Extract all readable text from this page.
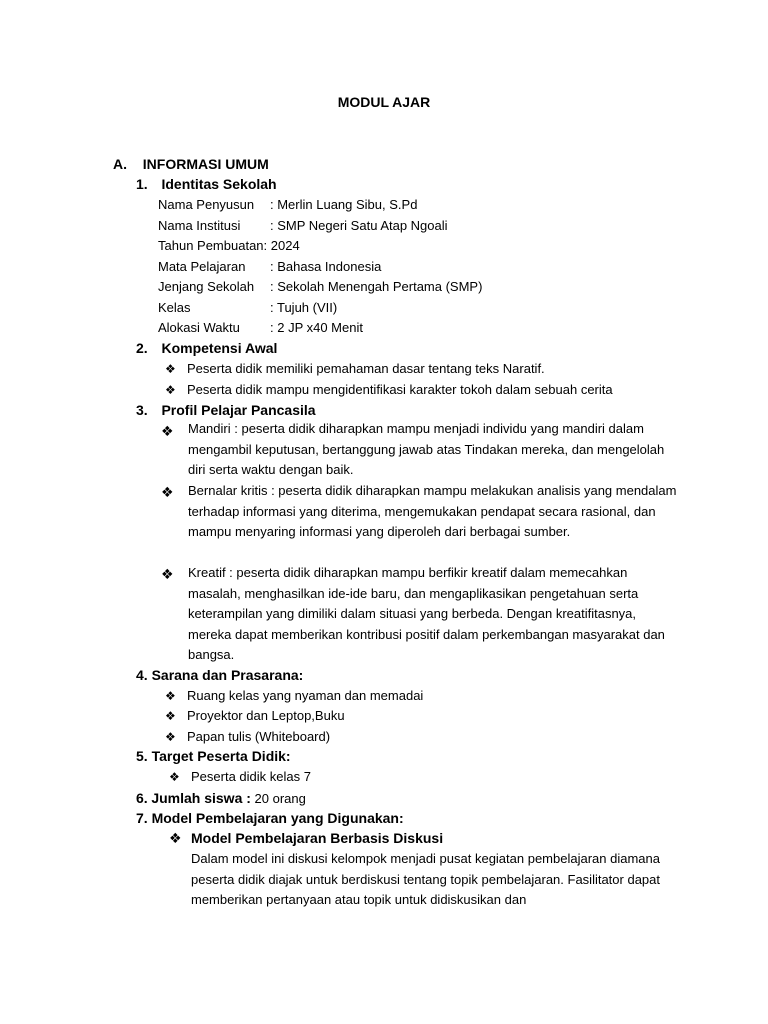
MODUL AJAR
A. INFORMASI UMUM
1. Identitas Sekolah
Nama Penyusun : Merlin Luang Sibu, S.Pd
Nama Institusi : SMP Negeri Satu Atap Ngoali
Tahun Pembuatan: 2024
Mata Pelajaran : Bahasa Indonesia
Jenjang Sekolah : Sekolah Menengah Pertama (SMP)
Kelas	: Tujuh (VII)
Alokasi Waktu : 2 JP x40 Menit
2. Kompetensi Awal
❖ Peserta didik memiliki pemahaman dasar tentang teks Naratif.
❖ Peserta didik mampu mengidentifikasi karakter tokoh dalam sebuah cerita
3. Profil Pelajar Pancasila
❖ Mandiri : peserta didik diharapkan mampu menjadi individu yang mandiri dalam mengambil keputusan, bertanggung jawab atas Tindakan mereka, dan mengelolah diri serta waktu dengan baik.
❖ Bernalar kritis : peserta didik diharapkan mampu melakukan analisis yang mendalam terhadap informasi yang diterima, mengemukakan pendapat secara rasional, dan mampu menyaring informasi yang diperoleh dari berbagai sumber.
❖ Kreatif : peserta didik diharapkan mampu berfikir kreatif dalam memecahkan masalah, menghasilkan ide-ide baru, dan mengaplikasikan pengetahuan serta keterampilan yang dimiliki dalam situasi yang berbeda. Dengan kreatifitasnya, mereka dapat memberikan kontribusi positif dalam perkembangan masyarakat dan bangsa.
4. Sarana dan Prasarana:
❖ Ruang kelas yang nyaman dan memadai
❖ Proyektor dan Leptop,Buku
❖ Papan tulis (Whiteboard)
5. Target Peserta Didik:
❖ Peserta didik kelas 7
6. Jumlah siswa : 20 orang
7. Model Pembelajaran yang Digunakan:
❖ Model Pembelajaran Berbasis Diskusi
Dalam model ini diskusi kelompok menjadi pusat kegiatan pembelajaran diamana peserta didik diajak untuk berdiskusi tentang topik pembelajaran. Fasilitator dapat memberikan pertanyaan atau topik untuk didiskusikan dan
